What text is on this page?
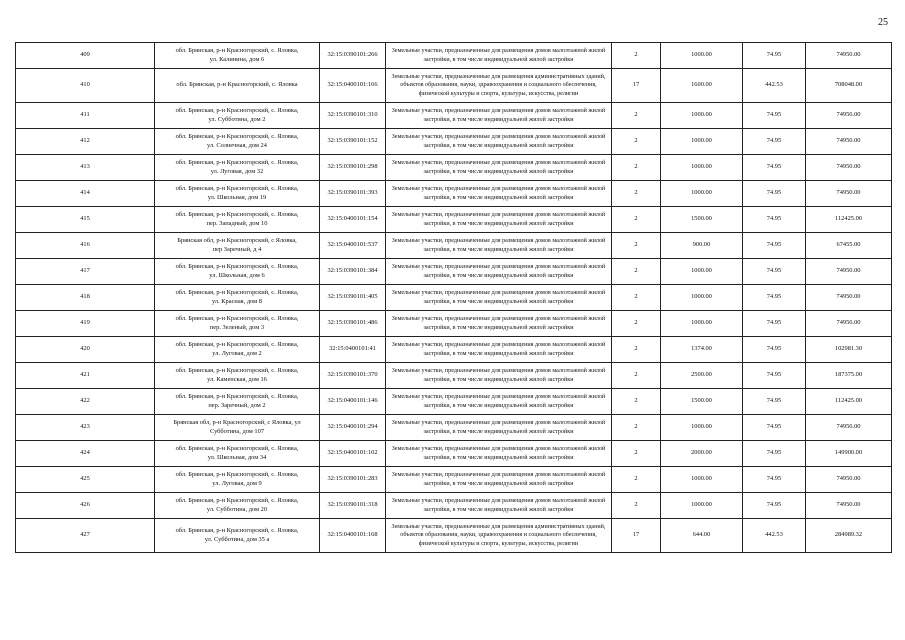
25
409	обл. Брянская, р-н Красногорский, с. Яловка,
ул. Калинина, дом 6	32:15:0390101:266	Земельные участки, предназначенные для размещения домов малоэтажной жилой застройки, в том числе индивидуальной жилой застройки	2	1000.00	74.95	74950.00
410	обл. Брянская, р-н Красногорский, с. Яловка	32:15:0400101:166	Земельные участки, предназначенные для размещения административных зданий, объектов образования, науки, здравоохранения и социального обеспечения, физической культуры и спорта, культуры, искусства, религии	17	1600.00	442.53	708048.00
411	обл. Брянская, р-н Красногорский, с. Яловка,
ул. Субботина, дом 2	32:15:0390101:310	Земельные участки, предназначенные для размещения домов малоэтажной жилой застройки, в том числе индивидуальной жилой застройки	2	1000.00	74.95	74950.00
412	обл. Брянская, р-н Красногорский, с. Яловка,
ул. Солнечная, дом 24	32:15:0390101:152	Земельные участки, предназначенные для размещения домов малоэтажной жилой застройки, в том числе индивидуальной жилой застройки	2	1000.00	74.95	74950.00
413	обл. Брянская, р-н Красногорский, с. Яловка,
ул. Луговая, дом 32	32:15:0390101:298	Земельные участки, предназначенные для размещения домов малоэтажной жилой застройки, в том числе индивидуальной жилой застройки	2	1000.00	74.95	74950.00
414	обл. Брянская, р-н Красногорский, с. Яловка,
ул. Школьная, дом 19	32:15:0390101:393	Земельные участки, предназначенные для размещения домов малоэтажной жилой застройки, в том числе индивидуальной жилой застройки	2	1000.00	74.95	74950.00
415	обл. Брянская, р-н Красногорский, с. Яловка,
пер. Западный, дом 10	32:15:0400101:154	Земельные участки, предназначенные для размещения домов малоэтажной жилой застройки, в том числе индивидуальной жилой застройки	2	1500.00	74.95	112425.00
416	Брянская обл, р-н Красногорский, с Яловка,
пер Заречный, д 4	32:15:0400101:537	Земельные участки, предназначенные для размещения домов малоэтажной жилой застройки, в том числе индивидуальной жилой застройки	2	900.00	74.95	67455.00
417	обл. Брянская, р-н Красногорский, с. Яловка,
ул. Школьная, дом 6	32:15:0390101:384	Земельные участки, предназначенные для размещения домов малоэтажной жилой застройки, в том числе индивидуальной жилой застройки	2	1000.00	74.95	74950.00
418	обл. Брянская, р-н Красногорский, с. Яловка,
ул. Красная, дом 8	32:15:0390101:405	Земельные участки, предназначенные для размещения домов малоэтажной жилой застройки, в том числе индивидуальной жилой застройки	2	1000.00	74.95	74950.00
419	обл. Брянская, р-н Красногорский, с. Яловка,
пер. Зеленый, дом 3	32:15:0390101:486	Земельные участки, предназначенные для размещения домов малоэтажной жилой застройки, в том числе индивидуальной жилой застройки	2	1000.00	74.95	74950.00
420	обл. Брянская, р-н Красногорский, с. Яловка,
ул. Луговая, дом 2	32:15:0400101:41	Земельные участки, предназначенные для размещения домов малоэтажной жилой застройки, в том числе индивидуальной жилой застройки	2	1374.00	74.95	102981.30
421	обл. Брянская, р-н Красногорский, с. Яловка,
ул. Каменская, дом 16	32:15:0390101:370	Земельные участки, предназначенные для размещения домов малоэтажной жилой застройки, в том числе индивидуальной жилой застройки	2	2500.00	74.95	187375.00
422	обл. Брянская, р-н Красногорский, с. Яловка,
пер. Заречный, дом 2	32:15:0400101:146	Земельные участки, предназначенные для размещения домов малоэтажной жилой застройки, в том числе индивидуальной жилой застройки	2	1500.00	74.95	112425.00
423	Брянская обл, р-н Красногорский, с Яловка, ул
Субботина, дом 107	32:15:0400101:294	Земельные участки, предназначенные для размещения домов малоэтажной жилой застройки, в том числе индивидуальной жилой застройки	2	1000.00	74.95	74950.00
424	обл. Брянская, р-н Красногорский, с. Яловка,
ул. Школьная, дом 34	32:15:0400101:102	Земельные участки, предназначенные для размещения домов малоэтажной жилой застройки, в том числе индивидуальной жилой застройки	2	2000.00	74.95	149900.00
425	обл. Брянская, р-н Красногорский, с. Яловка,
ул. Луговая, дом 9	32:15:0390101:283	Земельные участки, предназначенные для размещения домов малоэтажной жилой застройки, в том числе индивидуальной жилой застройки	2	1000.00	74.95	74950.00
426	обл. Брянская, р-н Красногорский, с. Яловка,
ул. Субботина, дом 20	32:15:0390101:318	Земельные участки, предназначенные для размещения домов малоэтажной жилой застройки, в том числе индивидуальной жилой застройки	2	1000.00	74.95	74950.00
427	обл. Брянская, р-н Красногорский, с. Яловка,
ул. Субботина, дом 35 а	32:15:0400101:168	Земельные участки, предназначенные для размещения административных зданий, объектов образования, науки, здравоохранения и социального обеспечения, физической культуры и спорта, культуры, искусства, религии	17	644.00	442.53	284989.32
